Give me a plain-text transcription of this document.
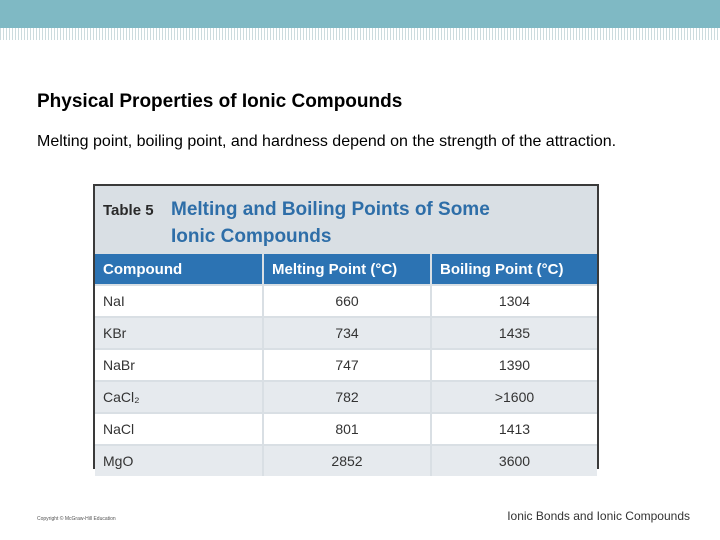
Physical Properties of Ionic Compounds
Melting point, boiling point, and hardness depend on the strength of the attraction.
Table 5 Melting and Boiling Points of Some Ionic Compounds
Compound	Melting Point (°C)	Boiling Point (°C)
NaI	660	1304
KBr	734	1435
NaBr	747	1390
CaCl₂	782	>1600
NaCl	801	1413
MgO	2852	3600
Copyright © McGraw-Hill Education	Ionic Bonds and Ionic Compounds
